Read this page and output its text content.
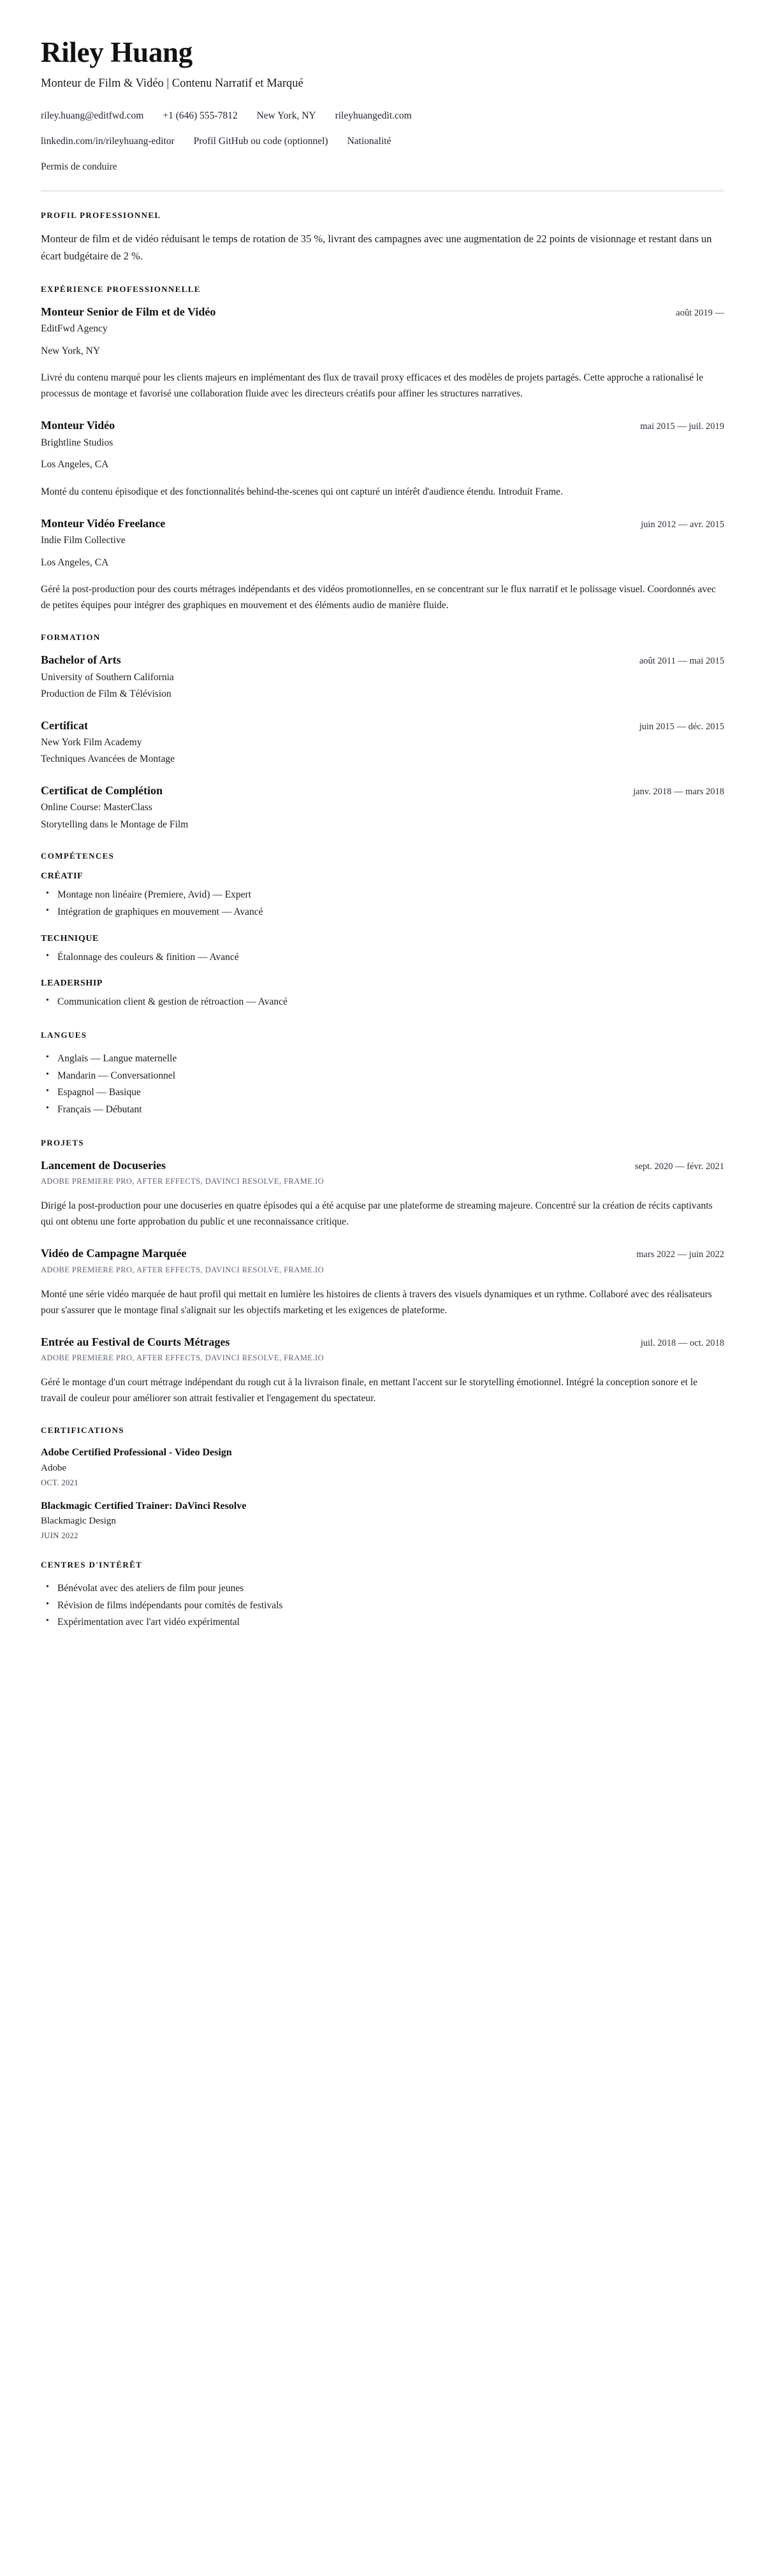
Riley Huang
Monteur de Film & Vidéo | Contenu Narratif et Marqué
riley.huang@editfwd.com +1 (646) 555-7812 New York, NY rileyhuangedit.com
linkedin.com/in/rileyhuang-editor Profil GitHub ou code (optionnel) Nationalité
Permis de conduire
PROFIL PROFESSIONNEL

Monteur de film et de vidéo réduisant le temps de rotation de 35 %, livrant des campagnes avec une augmentation de 22 points de visionnage et restant dans un écart budgétaire de 2 %.

EXPÉRIENCE PROFESSIONNELLE
Monteur Senior de Film et de Vidéo	août 2019 —
EditFwd Agency
New York, NY
Livré du contenu marqué pour les clients majeurs en implémentant des flux de travail proxy efficaces et des modèles de projets partagés. Cette approche a rationalisé le processus de montage et favorisé une collaboration fluide avec les directeurs créatifs pour affiner les structures narratives.
Monteur Vidéo	mai 2015 — juil. 2019
Brightline Studios
Los Angeles, CA
Monté du contenu épisodique et des fonctionnalités behind-the-scenes qui ont capturé un intérêt d'audience étendu. Introduit Frame.
Monteur Vidéo Freelance	juin 2012 — avr. 2015
Indie Film Collective
Los Angeles, CA
Géré la post-production pour des courts métrages indépendants et des vidéos promotionnelles, en se concentrant sur le flux narratif et le polissage visuel. Coordonnés avec de petites équipes pour intégrer des graphiques en mouvement et des éléments audio de manière fluide.
FORMATION
Bachelor of Arts	août 2011 — mai 2015
University of Southern California
Production de Film & Télévision
Certificat	juin 2015 — déc. 2015
New York Film Academy
Techniques Avancées de Montage
Certificat de Complétion	janv. 2018 — mars 2018
Online Course: MasterClass
Storytelling dans le Montage de Film
COMPÉTENCES
CRÉATIF
• Montage non linéaire (Premiere, Avid) — Expert
• Intégration de graphiques en mouvement — Avancé
TECHNIQUE
• Étalonnage des couleurs & finition — Avancé
LEADERSHIP
• Communication client & gestion de rétroaction — Avancé
LANGUES
• Anglais — Langue maternelle
• Mandarin — Conversationnel
• Espagnol — Basique
• Français — Débutant
PROJETS
Lancement de Docuseries	sept. 2020 — févr. 2021
ADOBE PREMIERE PRO, AFTER EFFECTS, DAVINCI RESOLVE, FRAME.IO
Dirigé la post-production pour une docuseries en quatre épisodes qui a été acquise par une plateforme de streaming majeure. Concentré sur la création de récits captivants qui ont obtenu une forte approbation du public et une reconnaissance critique.
Vidéo de Campagne Marquée	mars 2022 — juin 2022
ADOBE PREMIERE PRO, AFTER EFFECTS, DAVINCI RESOLVE, FRAME.IO
Monté une série vidéo marquée de haut profil qui mettait en lumière les histoires de clients à travers des visuels dynamiques et un rythme. Collaboré avec des réalisateurs pour s'assurer que le montage final s'alignait sur les objectifs marketing et les exigences de plateforme.
Entrée au Festival de Courts Métrages	juil. 2018 — oct. 2018
ADOBE PREMIERE PRO, AFTER EFFECTS, DAVINCI RESOLVE, FRAME.IO
Géré le montage d'un court métrage indépendant du rough cut à la livraison finale, en mettant l'accent sur le storytelling émotionnel. Intégré la conception sonore et le travail de couleur pour améliorer son attrait festivalier et l'engagement du spectateur.
CERTIFICATIONS
Adobe Certified Professional - Video Design
Adobe
OCT. 2021
Blackmagic Certified Trainer: DaVinci Resolve
Blackmagic Design
JUIN 2022
CENTRES D'INTÉRÊT
• Bénévolat avec des ateliers de film pour jeunes
• Révision de films indépendants pour comités de festivals
• Expérimentation avec l'art vidéo expérimental
